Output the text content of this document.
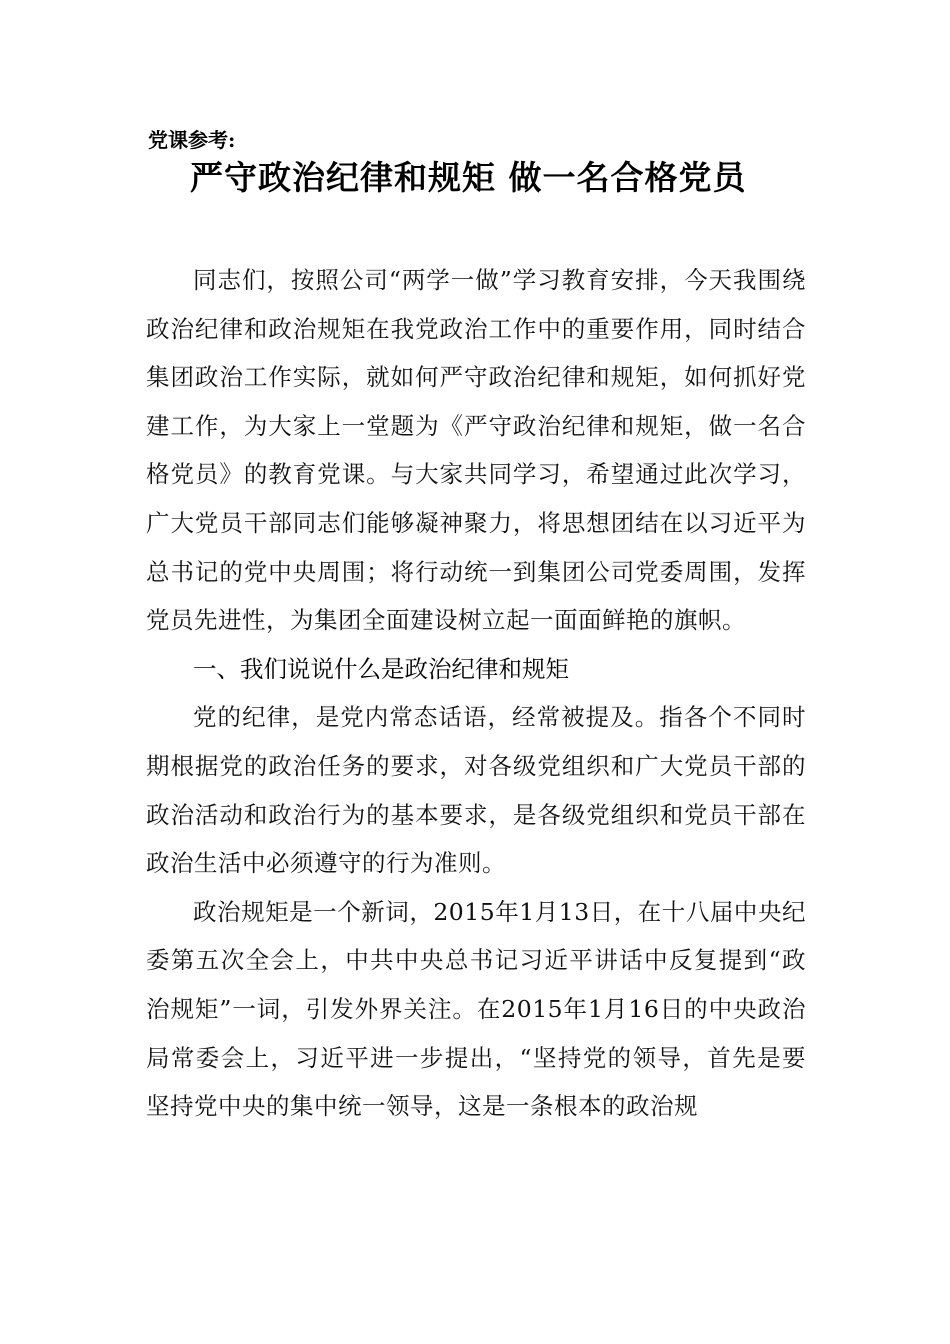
党课参考:
严守政治纪律和规矩 做一名合格党员

同志们，按照公司“两学一做”学习教育安排，今天我围绕政治纪律和政治规矩在我党政治工作中的重要作用，同时结合集团政治工作实际，就如何严守政治纪律和规矩，如何抓好党建工作，为大家上一堂题为《严守政治纪律和规矩，做一名合格党员》的教育党课。与大家共同学习，希望通过此次学习，广大党员干部同志们能够凝神聚力，将思想团结在以习近平为总书记的党中央周围；将行动统一到集团公司党委周围，发挥党员先进性，为集团全面建设树立起一面面鲜艳的旗帜。

一、我们说说什么是政治纪律和规矩

党的纪律，是党内常态话语，经常被提及。指各个不同时期根据党的政治任务的要求，对各级党组织和广大党员干部的政治活动和政治行为的基本要求，是各级党组织和党员干部在政治生活中必须遵守的行为准则。

政治规矩是一个新词，2015年1月13日，在十八届中央纪委第五次全会上，中共中央总书记习近平讲话中反复提到“政治规矩”一词，引发外界关注。在2015年1月16日的中央政治局常委会上，习近平进一步提出，“坚持党的领导，首先是要坚持党中央的集中统一领导，这是一条根本的政治规
